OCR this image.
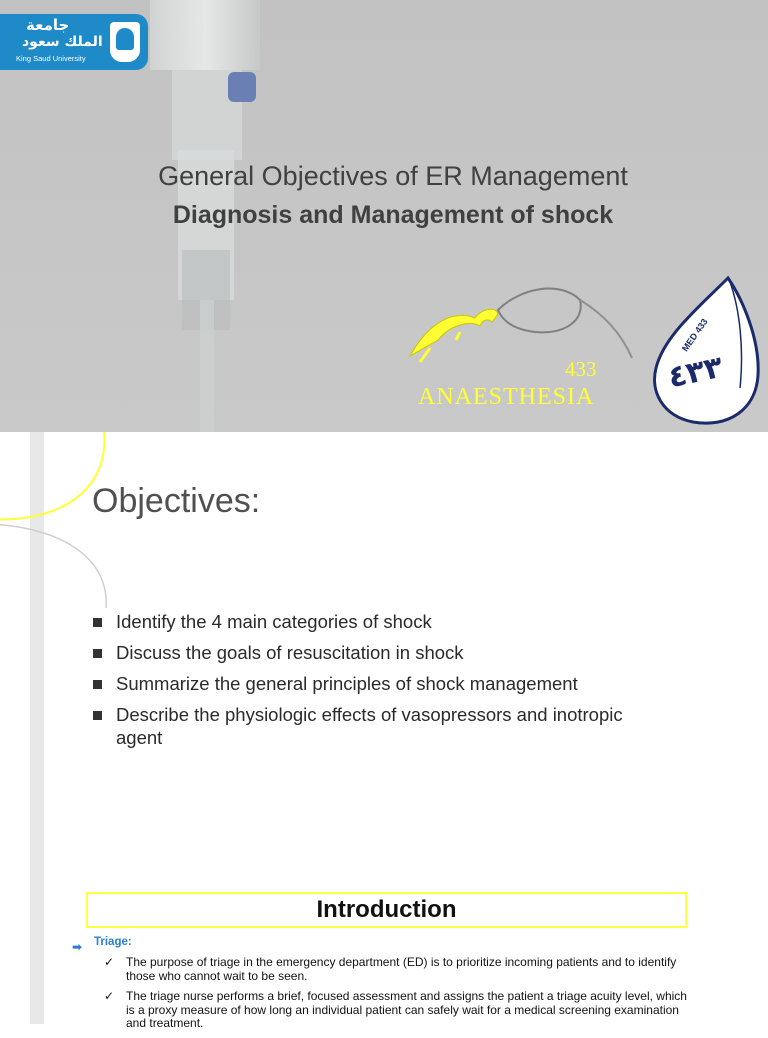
جامعة
الملك سعود
King Saud University
General Objectives of ER Management
Diagnosis and Management of shock
433
ANAESTHESIA
MED 433
٤٣٣
Objectives:
Identify the 4 main categories of shock
Discuss the goals of resuscitation in shock
Summarize the general principles of shock management
Describe the physiologic effects of vasopressors and inotropic agent
Introduction
➡ Triage:
✓ The purpose of triage in the emergency department (ED) is to prioritize incoming patients and to identify those who cannot wait to be seen.
✓ The triage nurse performs a brief, focused assessment and assigns the patient a triage acuity level, which is a proxy measure of how long an individual patient can safely wait for a medical screening examination and treatment.
